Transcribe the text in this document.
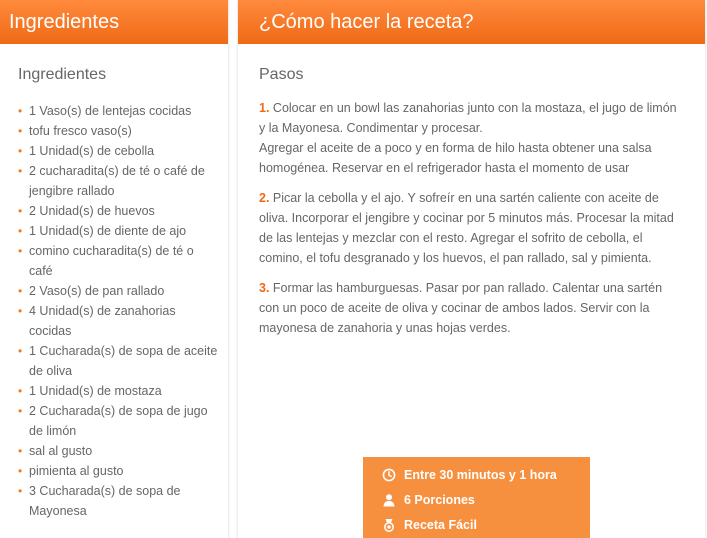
Ingredientes
Ingredientes
• 1 Vaso(s) de lentejas cocidas
• tofu fresco vaso(s)
• 1 Unidad(s) de cebolla
• 2 cucharadita(s) de té o café de jengibre rallado
• 2 Unidad(s) de huevos
• 1 Unidad(s) de diente de ajo
• comino cucharadita(s) de té o café
• 2 Vaso(s) de pan rallado
• 4 Unidad(s) de zanahorias cocidas
• 1 Cucharada(s) de sopa de aceite de oliva
• 1 Unidad(s) de mostaza
• 2 Cucharada(s) de sopa de jugo de limón
• sal al gusto
• pimienta al gusto
• 3 Cucharada(s) de sopa de Mayonesa
¿Cómo hacer la receta?
Pasos

1. Colocar en un bowl las zanahorias junto con la mostaza, el jugo de limón y la Mayonesa. Condimentar y procesar.

Agregar el aceite de a poco y en forma de hilo hasta obtener una salsa homogénea. Reservar en el refrigerador hasta el momento de usar

2. Picar la cebolla y el ajo. Y sofreír en una sartén caliente con aceite de oliva. Incorporar el jengibre y cocinar por 5 minutos más. Procesar la mitad de las lentejas y mezclar con el resto. Agregar el sofrito de cebolla, el comino, el tofu desgranado y los huevos, el pan rallado, sal y pimienta.

3. Formar las hamburguesas. Pasar por pan rallado. Calentar una sartén con un poco de aceite de oliva y cocinar de ambos lados. Servir con la mayonesa de zanahoria y unas hojas verdes.

Entre 30 minutos y 1 hora
6 Porciones
Receta Fácil
